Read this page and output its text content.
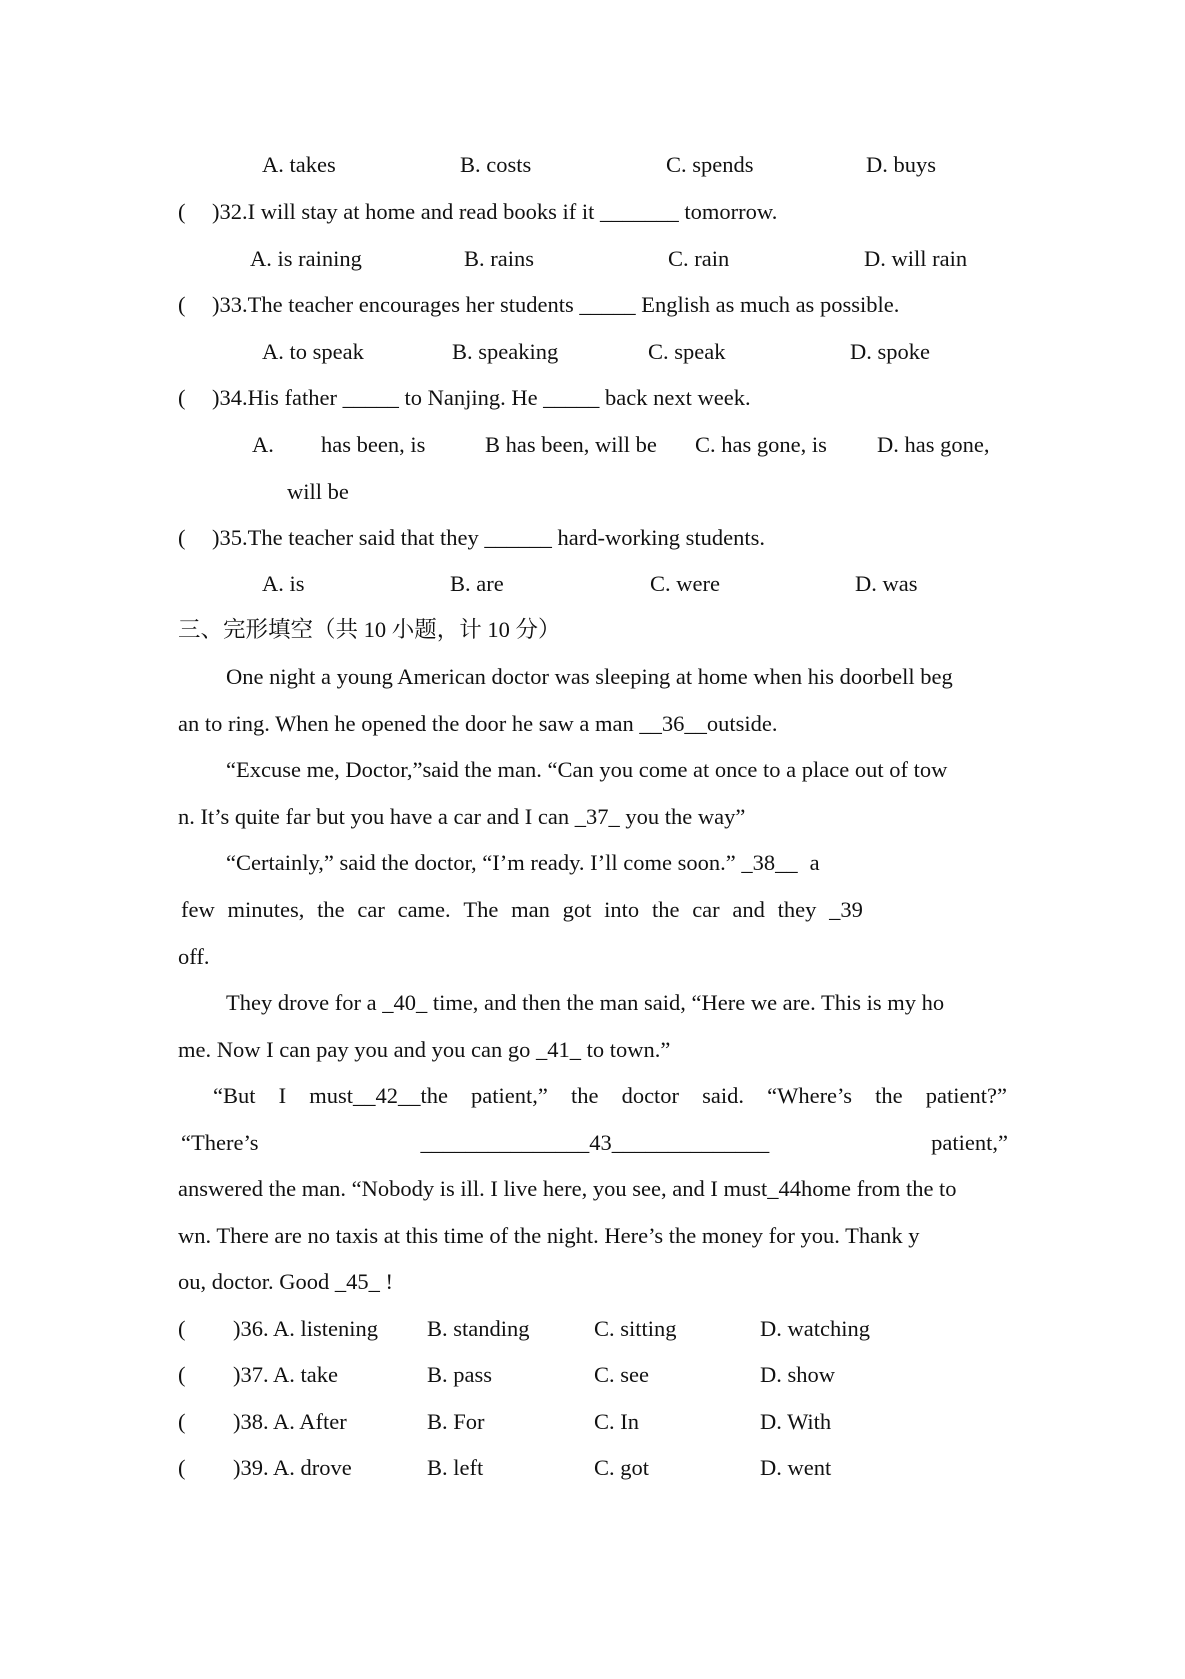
A. takes	B. costs	C. spends	D. buys
( )32.I will stay at home and read books if it _______ tomorrow.
A. is raining	B. rains	C. rain	D. will rain
( )33.The teacher encourages her students _____ English as much as possible.
A. to speak	B. speaking	C. speak	D. spoke
( )34.His father _____ to Nanjing. He _____ back next week.
A. has been, is	B has been, will be C. has gone, is D. has gone,
will be
( )35.The teacher said that they ______ hard-working students.
A. is	B. are	C. were	D. was
三、完形填空（共 10 小题，计 10 分）
One night a young American doctor was sleeping at home when his doorbell beg
an to ring. When he opened the door he saw a man __36__outside.
“Excuse me, Doctor,”said the man. “Can you come at once to a place out of tow
n. It’s quite far but you have a car and I can _37_ you the way”
“Certainly,” said the doctor, “I’m ready. I’ll come soon.” _38__ a
few minutes, the car came. The man got into the car and they _39
off.
They drove for a _40_ time, and then the man said, “Here we are. This is my ho
me. Now I can pay you and you can go _41_ to town.”
“But I must__42__the patient,” the doctor said. “Where’s the patient?”
“There’s	_______________43______________	patient,”
answered the man. “Nobody is ill. I live here, you see, and I must_44home from the to
wn. There are no taxis at this time of the night. Here’s the money for you. Thank y
ou, doctor. Good _45_ !
( )36. A. listening B. standing	C. sitting	D. watching
( )37. A. take	B. pass	C. see	D. show
( )38. A. After	B. For	C. In	D. With
( )39. A. drove	B. left	C. got	D. went
